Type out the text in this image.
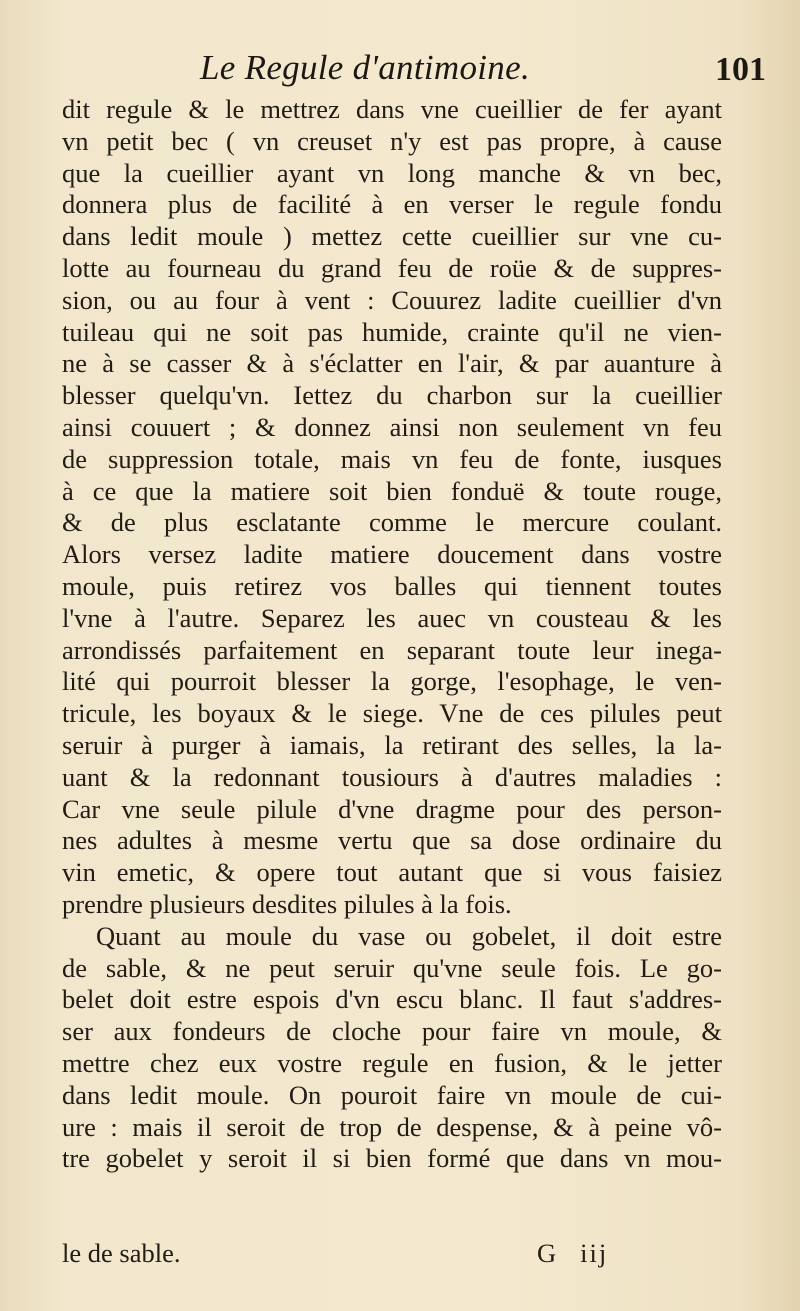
Le Regule d'antimoine.	101
dit regule & le mettrez dans vne cueillier de fer ayant
vn petit bec ( vn creuset n'y est pas propre, à cause
que la cueillier ayant vn long manche & vn bec,
donnera plus de facilité à en verser le regule fondu
dans ledit moule ) mettez cette cueillier sur vne cu-
lotte au fourneau du grand feu de roüe & de suppres-
sion, ou au four à vent : Couurez ladite cueillier d'vn
tuileau qui ne soit pas humide, crainte qu'il ne vien-
ne à se casser & à s'éclatter en l'air, & par auanture à
blesser quelqu'vn. Iettez du charbon sur la cueillier
ainsi couuert ; & donnez ainsi non seulement vn feu
de suppression totale, mais vn feu de fonte, iusques
à ce que la matiere soit bien fonduë & toute rouge,
& de plus esclatante comme le mercure coulant.
Alors versez ladite matiere doucement dans vostre
moule, puis retirez vos balles qui tiennent toutes
l'vne à l'autre. Separez les auec vn cousteau & les
arrondissés parfaitement en separant toute leur inega-
lité qui pourroit blesser la gorge, l'esophage, le ven-
tricule, les boyaux & le siege. Vne de ces pilules peut
seruir à purger à iamais, la retirant des selles, la la-
uant & la redonnant tousiours à d'autres maladies :
Car vne seule pilule d'vne dragme pour des person-
nes adultes à mesme vertu que sa dose ordinaire du
vin emetic, & opere tout autant que si vous faisiez
prendre plusieurs desdites pilules à la fois.
Quant au moule du vase ou gobelet, il doit estre
de sable, & ne peut seruir qu'vne seule fois. Le go-
belet doit estre espois d'vn escu blanc. Il faut s'addres-
ser aux fondeurs de cloche pour faire vn moule, &
mettre chez eux vostre regule en fusion, & le jetter
dans ledit moule. On pouroit faire vn moule de cui-
ure : mais il seroit de trop de despense, & à peine vô-
tre gobelet y seroit il si bien formé que dans vn mou-
le de sable.	G iij
